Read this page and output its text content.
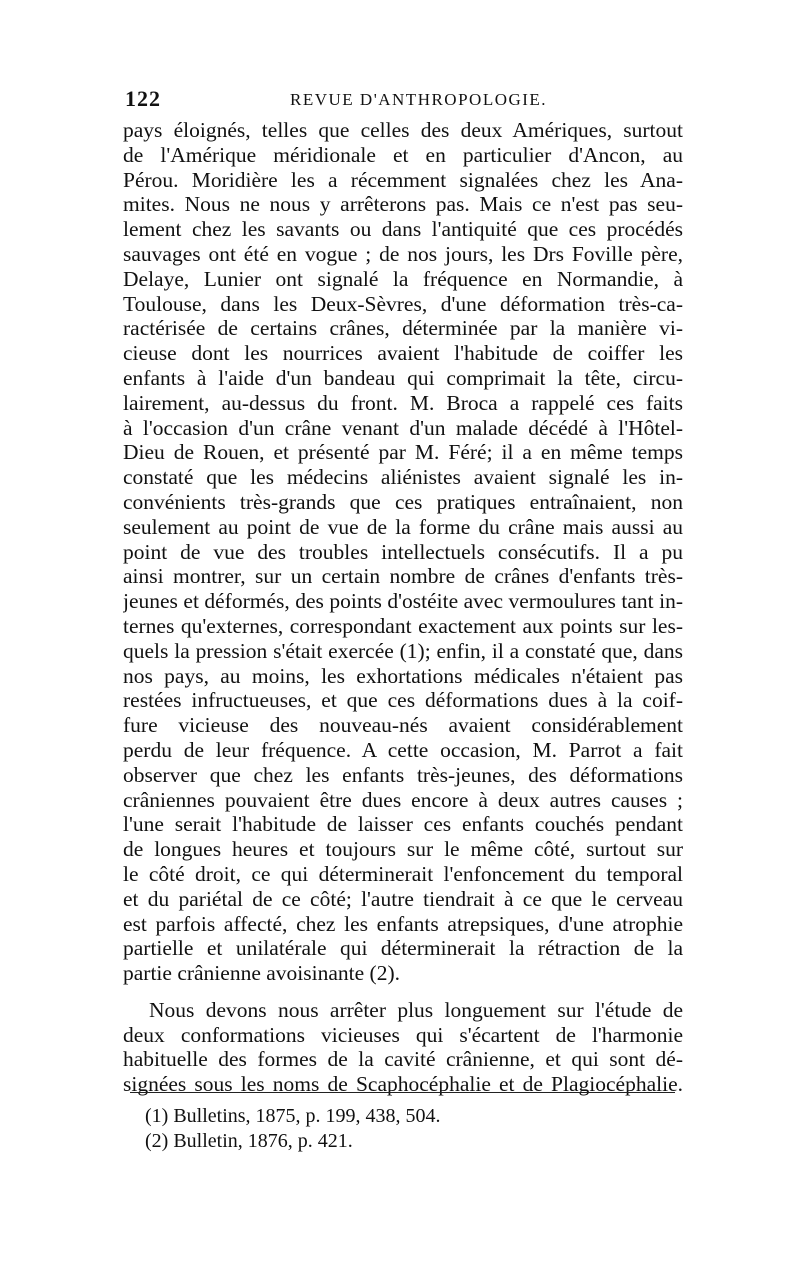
122	REVUE D'ANTHROPOLOGIE.
pays éloignés, telles que celles des deux Amériques, surtout
de l'Amérique méridionale et en particulier d'Ancon, au
Pérou. Moridière les a récemment signalées chez les Ana-
mites. Nous ne nous y arrêterons pas. Mais ce n'est pas seu-
lement chez les savants ou dans l'antiquité que ces procédés
sauvages ont été en vogue ; de nos jours, les Drs Foville père,
Delaye, Lunier ont signalé la fréquence en Normandie, à
Toulouse, dans les Deux-Sèvres, d'une déformation très-ca-
ractérisée de certains crânes, déterminée par la manière vi-
cieuse dont les nourrices avaient l'habitude de coiffer les
enfants à l'aide d'un bandeau qui comprimait la tête, circu-
lairement, au-dessus du front. M. Broca a rappelé ces faits
à l'occasion d'un crâne venant d'un malade décédé à l'Hôtel-
Dieu de Rouen, et présenté par M. Féré; il a en même temps
constaté que les médecins aliénistes avaient signalé les in-
convénients très-grands que ces pratiques entraînaient, non
seulement au point de vue de la forme du crâne mais aussi au
point de vue des troubles intellectuels consécutifs. Il a pu
ainsi montrer, sur un certain nombre de crânes d'enfants très-
jeunes et déformés, des points d'ostéite avec vermoulures tant in-
ternes qu'externes, correspondant exactement aux points sur les-
quels la pression s'était exercée (1); enfin, il a constaté que, dans
nos pays, au moins, les exhortations médicales n'étaient pas
restées infructueuses, et que ces déformations dues à la coif-
fure vicieuse des nouveau-nés avaient considérablement
perdu de leur fréquence. A cette occasion, M. Parrot a fait
observer que chez les enfants très-jeunes, des déformations
crâniennes pouvaient être dues encore à deux autres causes ;
l'une serait l'habitude de laisser ces enfants couchés pendant
de longues heures et toujours sur le même côté, surtout sur
le côté droit, ce qui déterminerait l'enfoncement du temporal
et du pariétal de ce côté; l'autre tiendrait à ce que le cerveau
est parfois affecté, chez les enfants atrepsiques, d'une atrophie
partielle et unilatérale qui déterminerait la rétraction de la
partie crânienne avoisinante (2).
Nous devons nous arrêter plus longuement sur l'étude de
deux conformations vicieuses qui s'écartent de l'harmonie
habituelle des formes de la cavité crânienne, et qui sont dé-
signées sous les noms de Scaphocéphalie et de Plagiocéphalie.
(1) Bulletins, 1875, p. 199, 438, 504.
(2) Bulletin, 1876, p. 421.
